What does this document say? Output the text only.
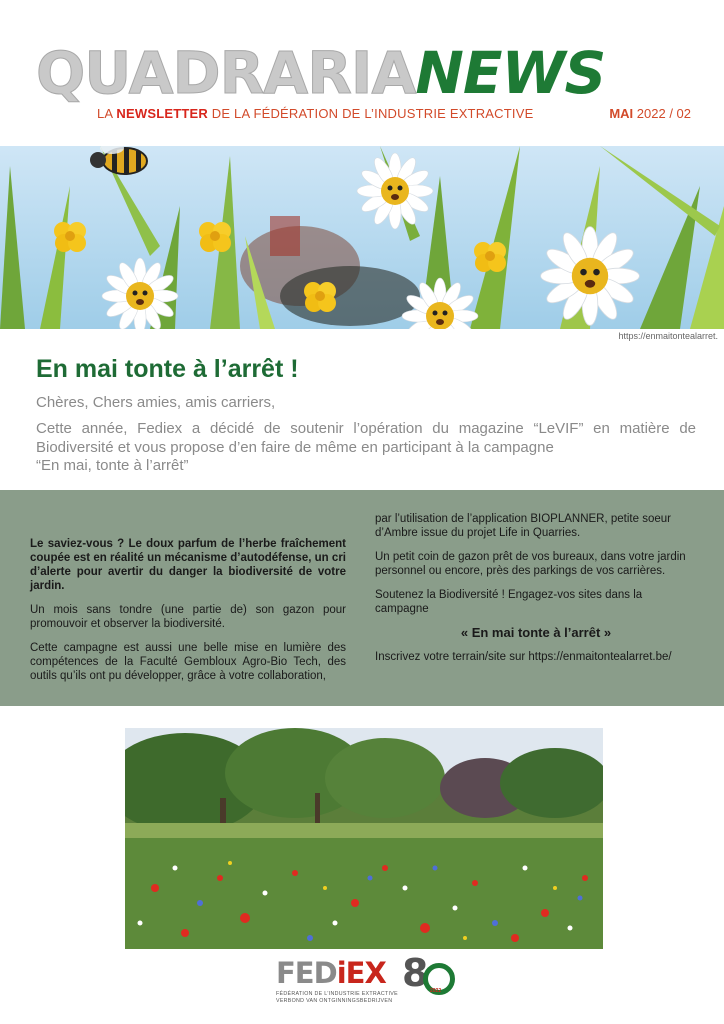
QUADRARIANEWS
LA NEWSLETTER DE LA FÉDÉRATION DE L’INDUSTRIE EXTRACTIVE	MAI 2022 / 02
https://enmaitontealarret.
En mai tonte à l’arrêt !

Chères, Chers amies, amis carriers,

Cette année, Fediex a décidé de soutenir l’opération du magazine “LeVIF” en matière de Biodiversité et vous propose d’en faire de même en participant à la campagne

“En mai, tonte à l’arrêt”

Le saviez-vous ? Le doux parfum de l’herbe fraîchement coupée est en réalité un mécanisme d’autodéfense, un cri d’alerte pour avertir du danger la biodiversité de votre jardin.

Un mois sans tondre (une partie de) son gazon pour promouvoir et observer la biodiversité.

Cette campagne est aussi une belle mise en lumière des compétences de la Faculté Gembloux Agro-Bio Tech, des outils qu’ils ont pu développer, grâce à votre collaboration,

par l’utilisation de l’application BIOPLANNER, petite soeur d’Ambre issue du projet Life in Quarries.

Un petit coin de gazon prêt de vos bureaux, dans votre jardin personnel ou encore, près des parkings de vos carrières.

Soutenez la Biodiversité ! Engagez-vos sites dans la campagne

« En mai tonte à l’arrêt »

Inscrivez votre terrain/site sur https://enmaitontealarret.be/

FEDiEX 8 2022
FÉDÉRATION DE L’INDUSTRIE EXTRACTIVE
VERBOND VAN ONTGINNINGSBEDRIJVEN
